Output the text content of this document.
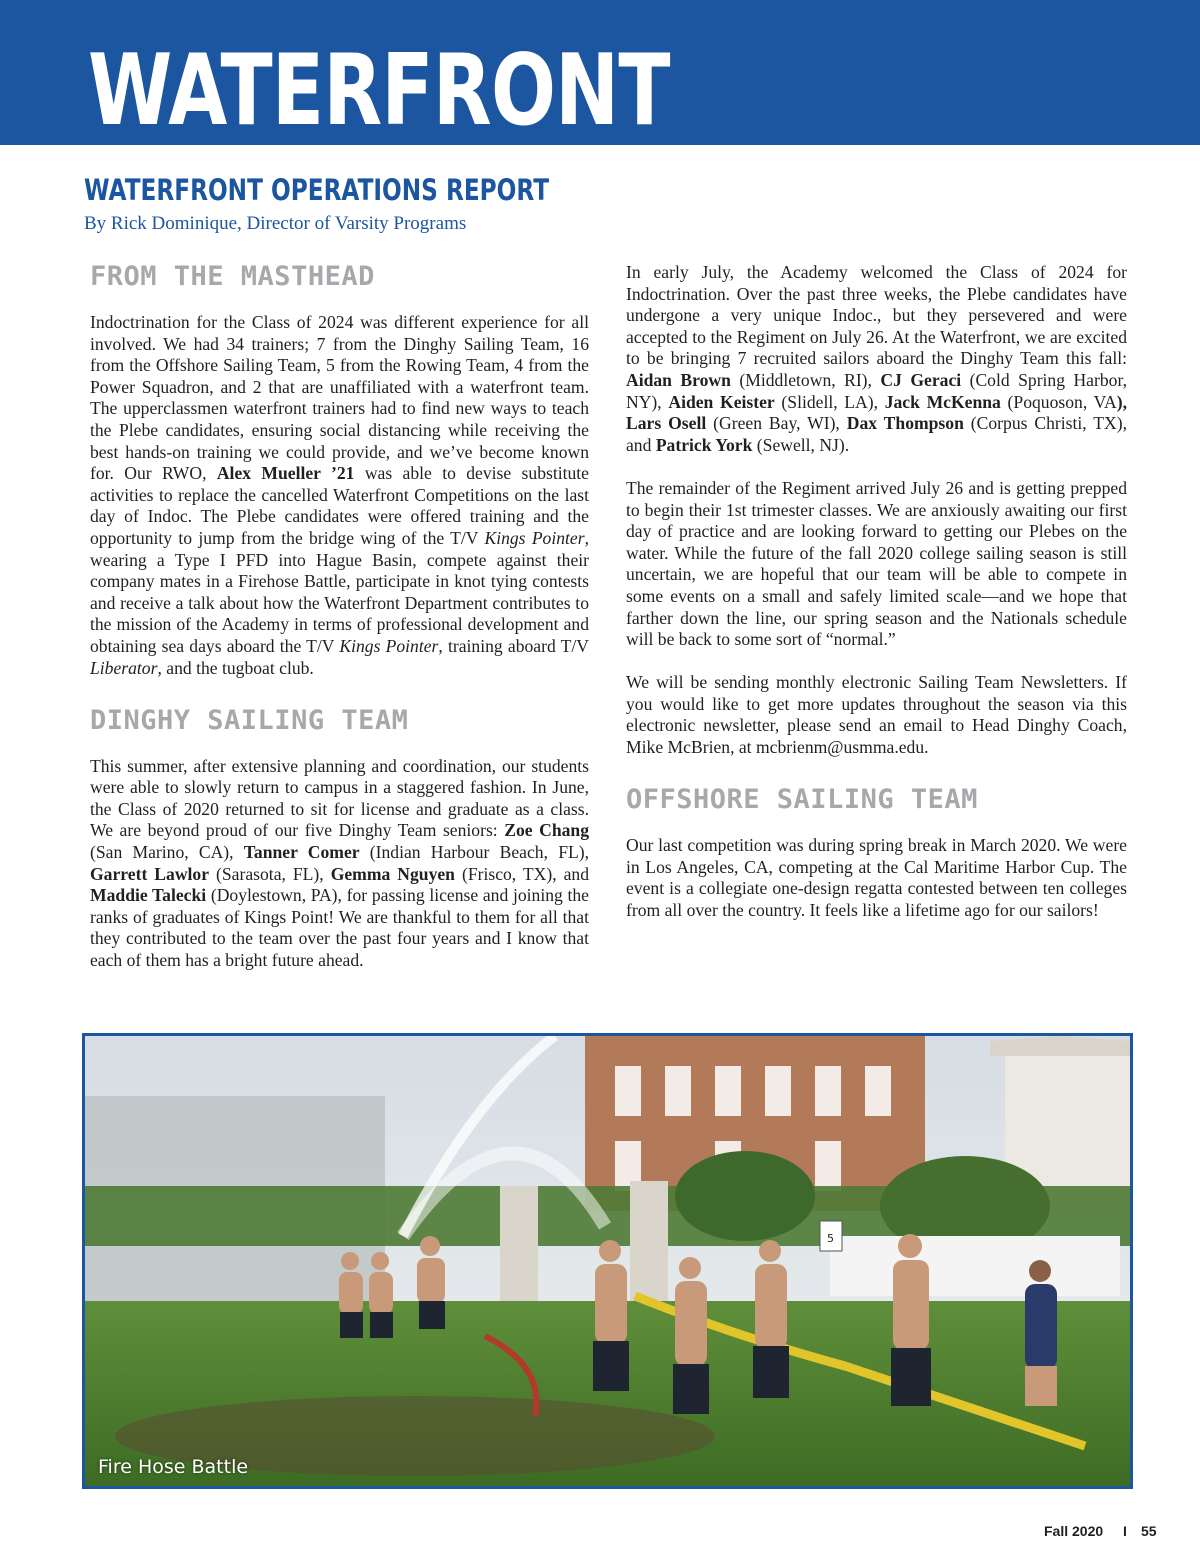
WATERFRONT
WATERFRONT OPERATIONS REPORT
By Rick Dominique, Director of Varsity Programs
FROM THE MASTHEAD

Indoctrination for the Class of 2024 was different experience for all involved. We had 34 trainers; 7 from the Dinghy Sailing Team, 16 from the Offshore Sailing Team, 5 from the Rowing Team, 4 from the Power Squadron, and 2 that are unaffiliated with a waterfront team. The upperclassmen waterfront trainers had to find new ways to teach the Plebe candidates, ensuring social distancing while receiving the best hands-on training we could provide, and we’ve become known for. Our RWO, Alex Mueller ’21 was able to devise substitute activities to replace the cancelled Waterfront Competitions on the last day of Indoc. The Plebe candidates were offered training and the opportunity to jump from the bridge wing of the T/V Kings Pointer, wearing a Type I PFD into Hague Basin, compete against their company mates in a Firehose Battle, participate in knot tying contests and receive a talk about how the Waterfront Department contributes to the mission of the Academy in terms of professional development and obtaining sea days aboard the T/V Kings Pointer, training aboard T/V Liberator, and the tugboat club.

DINGHY SAILING TEAM

This summer, after extensive planning and coordination, our students were able to slowly return to campus in a staggered fashion. In June, the Class of 2020 returned to sit for license and graduate as a class. We are beyond proud of our five Dinghy Team seniors: Zoe Chang (San Marino, CA), Tanner Comer (Indian Harbour Beach, FL), Garrett Lawlor (Sarasota, FL), Gemma Nguyen (Frisco, TX), and Maddie Talecki (Doylestown, PA), for passing license and joining the ranks of graduates of Kings Point! We are thankful to them for all that they contributed to the team over the past four years and I know that each of them has a bright future ahead.

In early July, the Academy welcomed the Class of 2024 for Indoctrination. Over the past three weeks, the Plebe candidates have undergone a very unique Indoc., but they persevered and were accepted to the Regiment on July 26. At the Waterfront, we are excited to be bringing 7 recruited sailors aboard the Dinghy Team this fall: Aidan Brown (Middletown, RI), CJ Geraci (Cold Spring Harbor, NY), Aiden Keister (Slidell, LA), Jack McKenna (Poquoson, VA), Lars Osell (Green Bay, WI), Dax Thompson (Corpus Christi, TX), and Patrick York (Sewell, NJ).

The remainder of the Regiment arrived July 26 and is getting prepped to begin their 1st trimester classes. We are anxiously awaiting our first day of practice and are looking forward to getting our Plebes on the water. While the future of the fall 2020 college sailing season is still uncertain, we are hopeful that our team will be able to compete in some events on a small and safely limited scale—and we hope that farther down the line, our spring season and the Nationals schedule will be back to some sort of “normal.”

We will be sending monthly electronic Sailing Team Newsletters. If you would like to get more updates throughout the season via this electronic newsletter, please send an email to Head Dinghy Coach, Mike McBrien, at mcbrienm@usmma.edu.

OFFSHORE SAILING TEAM

Our last competition was during spring break in March 2020. We were in Los Angeles, CA, competing at the Cal Maritime Harbor Cup. The event is a collegiate one-design regatta contested between ten colleges from all over the country. It feels like a lifetime ago for our sailors!

5
Fire Hose Battle
Fall 2020 I 55
